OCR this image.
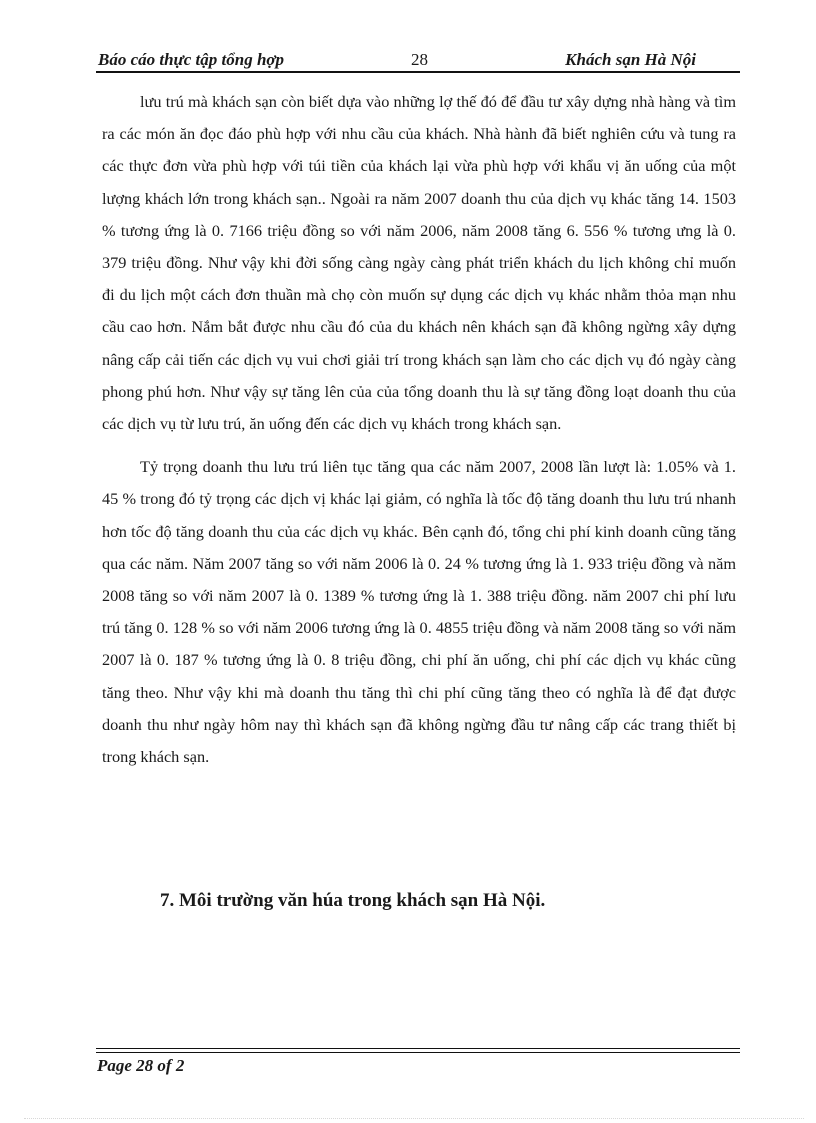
Báo cáo thực tập tổng hợp	28	Khách sạn Hà Nội

lưu trú mà khách sạn còn biết dựa vào những lợ thế đó để đầu tư xây dựng nhà hàng và tìm ra các món ăn đọc đáo phù hợp với nhu cầu của khách. Nhà hành đã biết nghiên cứu và tung ra các thực đơn vừa phù hợp với túi tiền của khách lại vừa phù hợp với khẩu vị ăn uống của một lượng khách lớn trong khách sạn.. Ngoài ra năm 2007 doanh thu của dịch vụ khác tăng 14. 1503 % tương ứng là 0. 7166 triệu đồng so với năm 2006, năm 2008 tăng 6. 556 % tương ưng là 0. 379 triệu đồng. Như vậy khi đời sống càng ngày càng phát triển khách du lịch không chỉ muốn đi du lịch một cách đơn thuần mà chọ còn muốn sự dụng các dịch vụ khác nhằm thỏa mạn nhu cầu cao hơn. Nắm bắt được nhu cầu đó của du khách nên khách sạn đã không ngừng xây dựng nâng cấp cải tiến các dịch vụ vui chơi giải trí trong khách sạn làm cho các dịch vụ đó ngày càng phong phú hơn. Như vậy sự tăng lên của của tổng doanh thu là sự tăng đồng loạt doanh thu của các dịch vụ từ lưu trú, ăn uống đến các dịch vụ khách trong khách sạn.

Tỷ trọng doanh thu lưu trú liên tục tăng qua các năm 2007, 2008 lần lượt là: 1.05% và 1. 45 % trong đó tỷ trọng các dịch vị khác lại giảm, có nghĩa là tốc độ tăng doanh thu lưu trú nhanh hơn tốc độ tăng doanh thu của các dịch vụ khác. Bên cạnh đó, tổng chi phí kinh doanh cũng tăng qua các năm. Năm 2007 tăng so với năm 2006 là 0. 24 % tương ứng là 1. 933 triệu đồng và năm 2008 tăng so với năm 2007 là 0. 1389 % tương ứng là 1. 388 triệu đồng. năm 2007 chi phí lưu trú tăng 0. 128 % so với năm 2006 tương ứng là 0. 4855 triệu đồng và năm 2008 tăng so với năm 2007 là 0. 187 % tương ứng là 0. 8 triệu đồng, chi phí ăn uống, chi phí các dịch vụ khác cũng tăng theo. Như vậy khi mà doanh thu tăng thì chi phí cũng tăng theo có nghĩa là để đạt được doanh thu như ngày hôm nay thì khách sạn đã không ngừng đầu tư nâng cấp các trang thiết bị trong khách sạn.

7. Môi trường văn húa trong khách sạn Hà Nội.
Page 28 of 2
